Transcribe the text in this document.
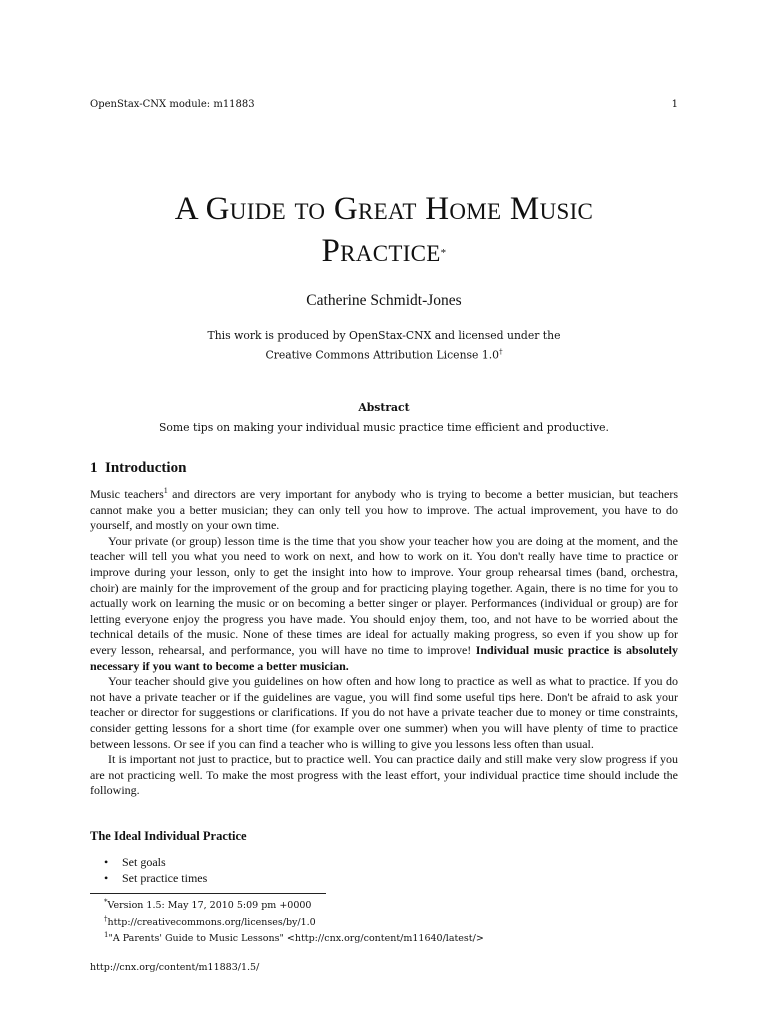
OpenStax-CNX module: m11883	1
A Guide to Great Home Music
Practice*
Catherine Schmidt-Jones
This work is produced by OpenStax-CNX and licensed under the
Creative Commons Attribution License 1.0†
Abstract
Some tips on making your individual music practice time efficient and productive.
1 Introduction

Music teachers$^1$ and directors are very important for anybody who is trying to become a better musician, but teachers cannot make you a better musician; they can only tell you how to improve. The actual improvement, you have to do yourself, and mostly on your own time.

Your private (or group) lesson time is the time that you show your teacher how you are doing at the moment, and the teacher will tell you what you need to work on next, and how to work on it. You don't really have time to practice or improve during your lesson, only to get the insight into how to improve. Your group rehearsal times (band, orchestra, choir) are mainly for the improvement of the group and for practicing playing together. Again, there is no time for you to actually work on learning the music or on becoming a better singer or player. Performances (individual or group) are for letting everyone enjoy the progress you have made. You should enjoy them, too, and not have to be worried about the technical details of the music. None of these times are ideal for actually making progress, so even if you show up for every lesson, rehearsal, and performance, you will have no time to improve! Individual music practice is absolutely necessary if you want to become a better musician.

Your teacher should give you guidelines on how often and how long to practice as well as what to practice. If you do not have a private teacher or if the guidelines are vague, you will find some useful tips here. Don't be afraid to ask your teacher or director for suggestions or clarifications. If you do not have a private teacher due to money or time constraints, consider getting lessons for a short time (for example over one summer) when you will have plenty of time to practice between lessons. Or see if you can find a teacher who is willing to give you lessons less often than usual.

It is important not just to practice, but to practice well. You can practice daily and still make very slow progress if you are not practicing well. To make the most progress with the least effort, your individual practice time should include the following.

The Ideal Individual Practice
• Set goals
• Set practice times
*Version 1.5: May 17, 2010 5:09 pm +0000
†http://creativecommons.org/licenses/by/1.0
$^1$"A Parents' Guide to Music Lessons" <http://cnx.org/content/m11640/latest/>
http://cnx.org/content/m11883/1.5/
